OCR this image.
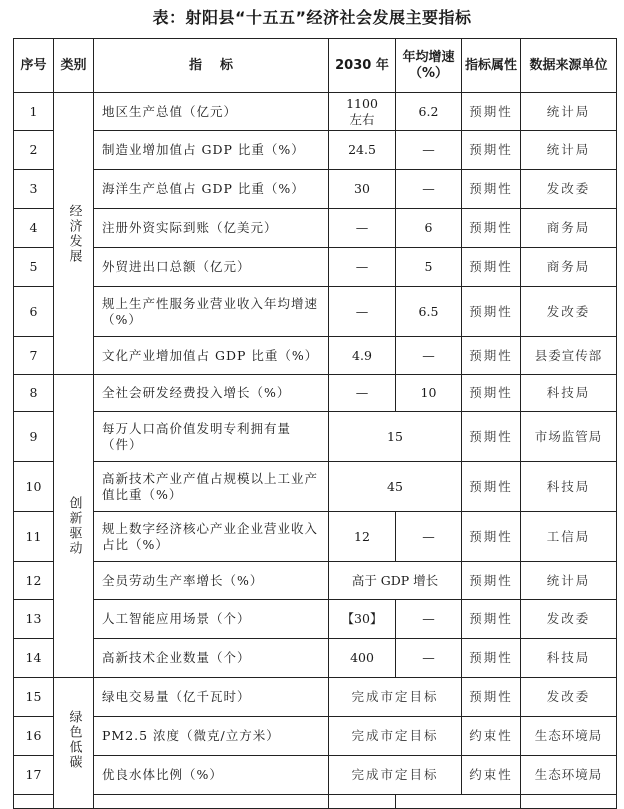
表：射阳县“十五五”经济社会发展主要指标
序号	类别	指    标	2030 年	年均增速（%）	指标属性	数据来源单位	
1	经济发展	地区生产总值（亿元）	1100 左右	6.2	预期性	统计局	
2		制造业增加值占 GDP 比重（%）	24.5	—	预期性	统计局	
3		海洋生产总值占 GDP 比重（%）	30	—	预期性	发改委	
4		注册外资实际到账（亿美元）	—	6	预期性	商务局	
5		外贸进出口总额（亿元）	—	5	预期性	商务局	
6		规上生产性服务业营业收入年均增速（%）	—	6.5	预期性	发改委	
7		文化产业增加值占 GDP 比重（%）	4.9	—	预期性	县委宣传部	
8	创新驱动	全社会研发经费投入增长（%）	—	10	预期性	科技局	
9		每万人口高价值发明专利拥有量（件）	15		预期性	市场监管局	
10		高新技术产业产值占规模以上工业产值比重（%）	45		预期性	科技局	
11		规上数字经济核心产业企业营业收入占比（%）	12	—	预期性	工信局	
12		全员劳动生产率增长（%）	高于 GDP 增长		预期性	统计局	
13		人工智能应用场景（个）	【30】	—	预期性	发改委	
14		高新技术企业数量（个）	400	—	预期性	科技局	
15	绿色低碳	绿电交易量（亿千瓦时）	完成市定目标		预期性	发改委	
16		PM2.5 浓度（微克/立方米）	完成市定目标		约束性	生态环境局	
17		优良水体比例（%）	完成市定目标		约束性	生态环境局	
